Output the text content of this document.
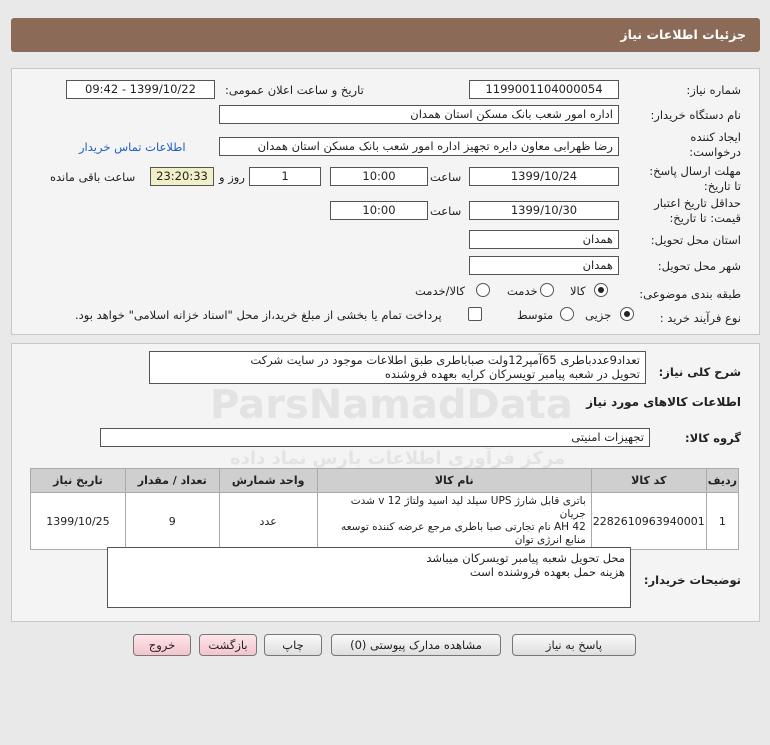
جزئیات اطلاعات نیاز
شماره نیاز:
1199001104000054
تاریخ و ساعت اعلان عمومی:
1399/10/22 - 09:42
نام دستگاه خریدار:
اداره امور شعب بانک مسکن استان همدان
ایجاد کننده
درخواست:
رضا ظهرابی معاون دایره تجهیز اداره امور شعب بانک مسکن استان همدان
اطلاعات تماس خریدار
مهلت ارسال پاسخ:
تا تاریخ:
1399/10/24
ساعت
10:00
1
روز و
23:20:33
ساعت باقی مانده
حداقل تاریخ اعتبار
قیمت: تا تاریخ:
1399/10/30
ساعت
10:00
استان محل تحویل:
همدان
شهر محل تحویل:
همدان
طبقه بندی موضوعی:
کالا
خدمت
کالا/خدمت
نوع فرآیند خرید :
جزیی
متوسط
پرداخت تمام یا بخشی از مبلغ خرید،از محل "اسناد خزانه اسلامی" خواهد بود.
شرح کلی نیاز:
تعداد9عددباطری 65آمپر12ولت صباباطری طبق اطلاعات موجود در سایت شرکت
تحویل در شعبه پیامبر تویسرکان کرایه بعهده فروشنده
اطلاعات کالاهای مورد نیاز
گروه کالا:
تجهیزات امنیتی
ردیف	کد کالا	نام کالا	واحد شمارش	تعداد / مقدار	تاریخ نیاز
1	2282610963940001	باتری قابل شارژ UPS سیلد لید اسید ولتاژ 12 v شدت جریان
42 AH نام تجارتی صبا باطری مرجع عرضه کننده توسعه
منابع انرژی توان	عدد	9	1399/10/25
توضیحات خریدار:
محل تحویل شعبه پیامبر تویسرکان میباشد
هزینه حمل بعهده فروشنده است
پاسخ به نیاز
مشاهده مدارک پیوستی (0)
چاپ
بازگشت
خروج
